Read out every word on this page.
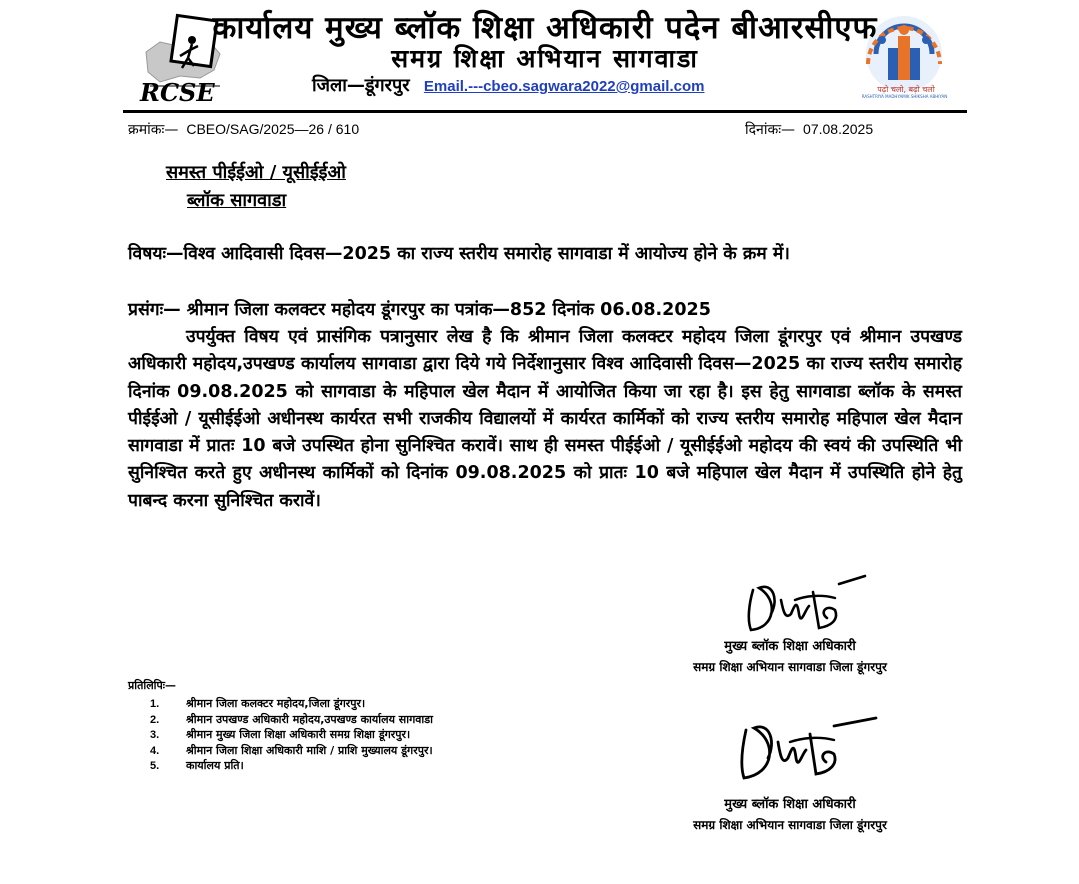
RCSE	पढ़ो चलो, बढ़ो चलो
RASHTRIYA MADHYAMIK SHIKSHA ABHIYAN
कार्यालय मुख्य ब्लॉक शिक्षा अधिकारी पदेन बीआरसीएफ
समग्र शिक्षा अभियान सागवाडा
जिला—डूंगरपुर Email.---cbeo.sagwara2022@gmail.com
क्रमांकः— CBEO/SAG/2025—26 / 610	दिनांकः— 07.08.2025
समस्त पीईईओ / यूसीईईओ
ब्लॉक सागवाडा
विषयः—विश्व आदिवासी दिवस—2025 का राज्य स्तरीय समारोह सागवाडा में आयोज्य होने के क्रम में।
प्रसंगः— श्रीमान जिला कलक्टर महोदय डूंगरपुर का पत्रांक—852 दिनांक 06.08.2025
उपर्युक्त विषय एवं प्रासंगिक पत्रानुसार लेख है कि श्रीमान जिला कलक्टर महोदय जिला डूंगरपुर एवं श्रीमान उपखण्ड अधिकारी महोदय,उपखण्ड कार्यालय सागवाडा द्वारा दिये गये निर्देशानुसार विश्व आदिवासी दिवस—2025 का राज्य स्तरीय समारोह दिनांक 09.08.2025 को सागवाडा के महिपाल खेल मैदान में आयोजित किया जा रहा है। इस हेतु सागवाडा ब्लॉक के समस्त पीईईओ / यूसीईईओ अधीनस्थ कार्यरत सभी राजकीय विद्यालयों में कार्यरत कार्मिकों को राज्य स्तरीय समारोह महिपाल खेल मैदान सागवाडा में प्रातः 10 बजे उपस्थित होना सुनिश्चित करावें। साथ ही समस्त पीईईओ / यूसीईईओ महोदय की स्वयं की उपस्थिति भी सुनिश्चित करते हुए अधीनस्थ कार्मिकों को दिनांक 09.08.2025 को प्रातः 10 बजे महिपाल खेल मैदान में उपस्थिति होने हेतु पाबन्द करना सुनिश्चित करावें।
मुख्य ब्लॉक शिक्षा अधिकारी
समग्र शिक्षा अभियान सागवाडा जिला डूंगरपुर
प्रतिलिपिः—
1. श्रीमान जिला कलक्टर महोदय,जिला डूंगरपुर।
2. श्रीमान उपखण्ड अधिकारी महोदय,उपखण्ड कार्यालय सागवाडा
3. श्रीमान मुख्य जिला शिक्षा अधिकारी समग्र शिक्षा डूंगरपुर।
4. श्रीमान जिला शिक्षा अधिकारी माशि / प्राशि मुख्यालय डूंगरपुर।
5. कार्यालय प्रति।
मुख्य ब्लॉक शिक्षा अधिकारी
समग्र शिक्षा अभियान सागवाडा जिला डूंगरपुर
